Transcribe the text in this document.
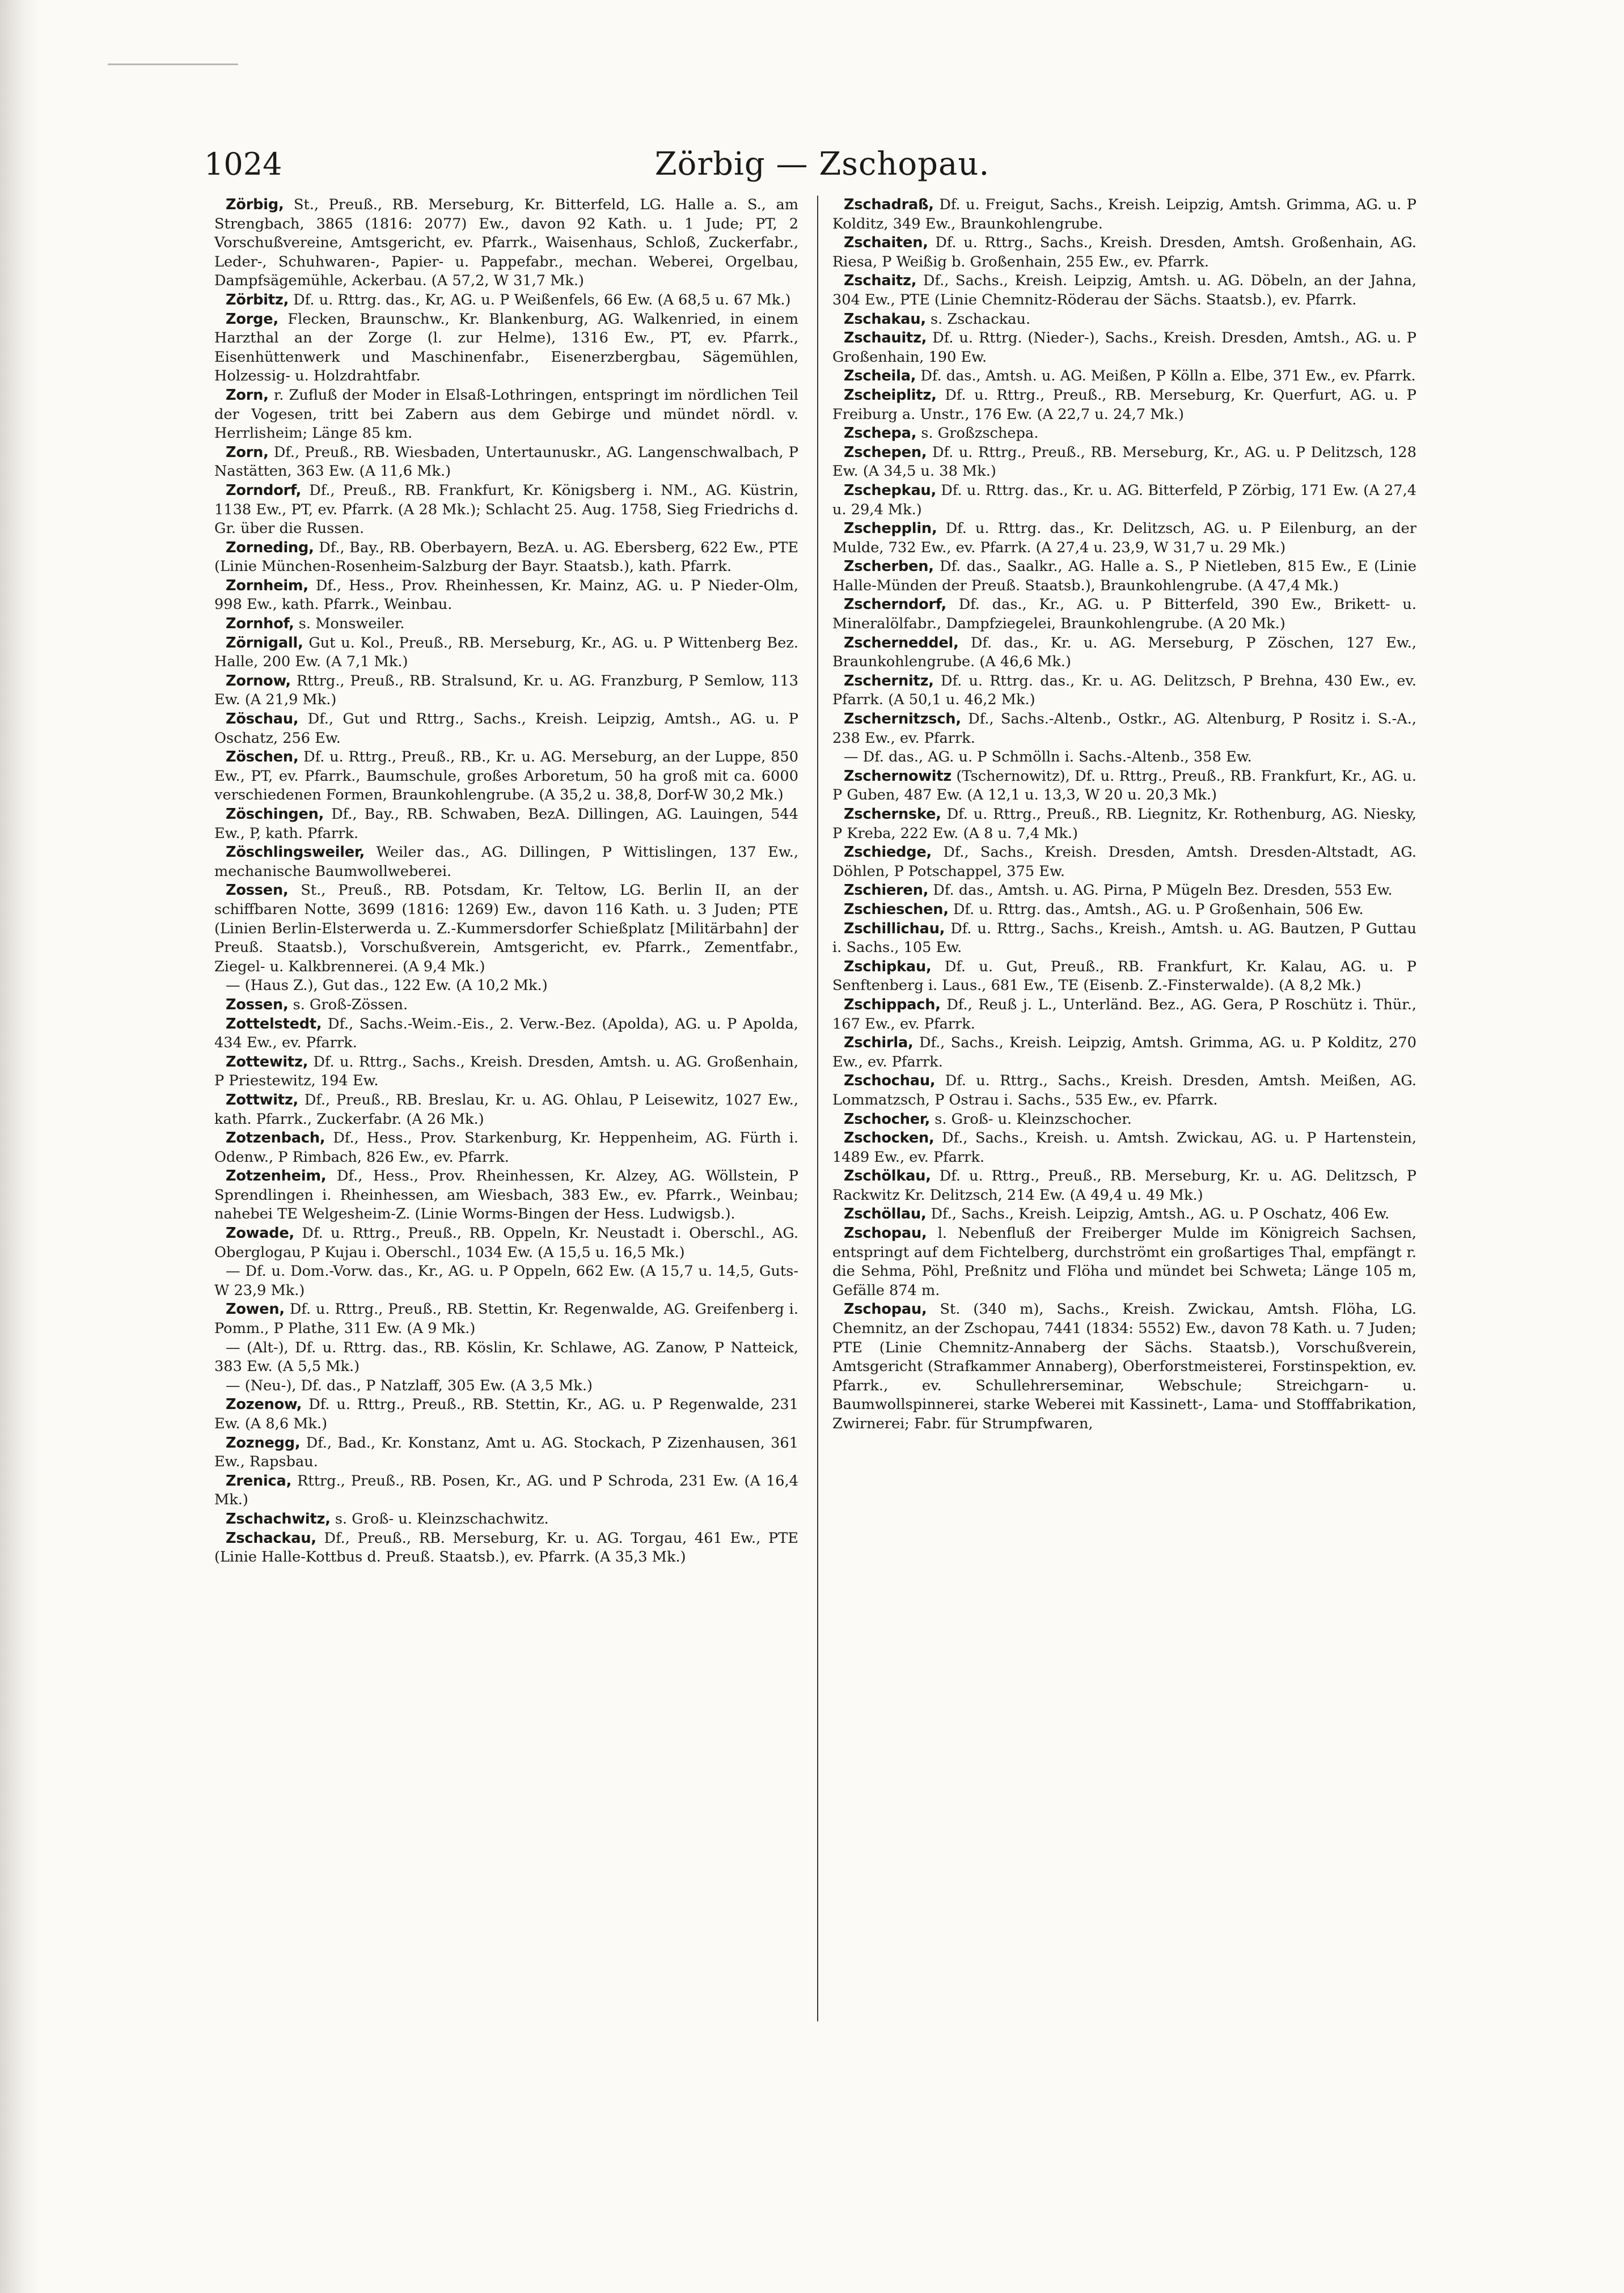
1024	Zörbig — Zschopau.

Zörbig, St., Preuß., RB. Merseburg, Kr. Bitterfeld, LG. Halle a. S., am Strengbach, 3865 (1816: 2077) Ew., davon 92 Kath. u. 1 Jude; PT, 2 Vorschußvereine, Amtsgericht, ev. Pfarrk., Waisenhaus, Schloß, Zuckerfabr., Leder-, Schuhwaren-, Papier- u. Pappefabr., mechan. Weberei, Orgelbau, Dampfsägemühle, Ackerbau. (A 57,2, W 31,7 Mk.)

Zörbitz, Df. u. Rttrg. das., Kr, AG. u. P Weißenfels, 66 Ew. (A 68,5 u. 67 Mk.)

Zorge, Flecken, Braunschw., Kr. Blankenburg, AG. Walkenried, in einem Harzthal an der Zorge (l. zur Helme), 1316 Ew., PT, ev. Pfarrk., Eisenhüttenwerk und Maschinenfabr., Eisenerzbergbau, Sägemühlen, Holzessig- u. Holzdrahtfabr.

Zorn, r. Zufluß der Moder in Elsaß-Lothringen, entspringt im nördlichen Teil der Vogesen, tritt bei Zabern aus dem Gebirge und mündet nördl. v. Herrlisheim; Länge 85 km.

Zorn, Df., Preuß., RB. Wiesbaden, Untertaunuskr., AG. Langenschwalbach, P Nastätten, 363 Ew. (A 11,6 Mk.)

Zorndorf, Df., Preuß., RB. Frankfurt, Kr. Königsberg i. NM., AG. Küstrin, 1138 Ew., PT, ev. Pfarrk. (A 28 Mk.); Schlacht 25. Aug. 1758, Sieg Friedrichs d. Gr. über die Russen.

Zorneding, Df., Bay., RB. Oberbayern, BezA. u. AG. Ebersberg, 622 Ew., PTE (Linie München-Rosenheim-Salzburg der Bayr. Staatsb.), kath. Pfarrk.

Zornheim, Df., Hess., Prov. Rheinhessen, Kr. Mainz, AG. u. P Nieder-Olm, 998 Ew., kath. Pfarrk., Weinbau.

Zornhof, s. Monsweiler.

Zörnigall, Gut u. Kol., Preuß., RB. Merseburg, Kr., AG. u. P Wittenberg Bez. Halle, 200 Ew. (A 7,1 Mk.)

Zornow, Rttrg., Preuß., RB. Stralsund, Kr. u. AG. Franzburg, P Semlow, 113 Ew. (A 21,9 Mk.)

Zöschau, Df., Gut und Rttrg., Sachs., Kreish. Leipzig, Amtsh., AG. u. P Oschatz, 256 Ew.

Zöschen, Df. u. Rttrg., Preuß., RB., Kr. u. AG. Merseburg, an der Luppe, 850 Ew., PT, ev. Pfarrk., Baumschule, großes Arboretum, 50 ha groß mit ca. 6000 verschiedenen Formen, Braunkohlengrube. (A 35,2 u. 38,8, Dorf-W 30,2 Mk.)

Zöschingen, Df., Bay., RB. Schwaben, BezA. Dillingen, AG. Lauingen, 544 Ew., P, kath. Pfarrk.

Zöschlingsweiler, Weiler das., AG. Dillingen, P Wittislingen, 137 Ew., mechanische Baumwollweberei.

Zossen, St., Preuß., RB. Potsdam, Kr. Teltow, LG. Berlin II, an der schiffbaren Notte, 3699 (1816: 1269) Ew., davon 116 Kath. u. 3 Juden; PTE (Linien Berlin-Elsterwerda u. Z.-Kummersdorfer Schießplatz [Militärbahn] der Preuß. Staatsb.), Vorschußverein, Amtsgericht, ev. Pfarrk., Zementfabr., Ziegel- u. Kalkbrennerei. (A 9,4 Mk.)

— (Haus Z.), Gut das., 122 Ew. (A 10,2 Mk.)

Zossen, s. Groß-Zössen.

Zottelstedt, Df., Sachs.-Weim.-Eis., 2. Verw.-Bez. (Apolda), AG. u. P Apolda, 434 Ew., ev. Pfarrk.

Zottewitz, Df. u. Rttrg., Sachs., Kreish. Dresden, Amtsh. u. AG. Großenhain, P Priestewitz, 194 Ew.

Zottwitz, Df., Preuß., RB. Breslau, Kr. u. AG. Ohlau, P Leisewitz, 1027 Ew., kath. Pfarrk., Zuckerfabr. (A 26 Mk.)

Zotzenbach, Df., Hess., Prov. Starkenburg, Kr. Heppenheim, AG. Fürth i. Odenw., P Rimbach, 826 Ew., ev. Pfarrk.

Zotzenheim, Df., Hess., Prov. Rheinhessen, Kr. Alzey, AG. Wöllstein, P Sprendlingen i. Rheinhessen, am Wiesbach, 383 Ew., ev. Pfarrk., Weinbau; nahebei TE Welgesheim-Z. (Linie Worms-Bingen der Hess. Ludwigsb.).

Zowade, Df. u. Rttrg., Preuß., RB. Oppeln, Kr. Neustadt i. Oberschl., AG. Oberglogau, P Kujau i. Oberschl., 1034 Ew. (A 15,5 u. 16,5 Mk.)

— Df. u. Dom.-Vorw. das., Kr., AG. u. P Oppeln, 662 Ew. (A 15,7 u. 14,5, Guts-W 23,9 Mk.)

Zowen, Df. u. Rttrg., Preuß., RB. Stettin, Kr. Regenwalde, AG. Greifenberg i. Pomm., P Plathe, 311 Ew. (A 9 Mk.)

— (Alt-), Df. u. Rttrg. das., RB. Köslin, Kr. Schlawe, AG. Zanow, P Natteick, 383 Ew. (A 5,5 Mk.)

— (Neu-), Df. das., P Natzlaff, 305 Ew. (A 3,5 Mk.)

Zozenow, Df. u. Rttrg., Preuß., RB. Stettin, Kr., AG. u. P Regenwalde, 231 Ew. (A 8,6 Mk.)

Zoznegg, Df., Bad., Kr. Konstanz, Amt u. AG. Stockach, P Zizenhausen, 361 Ew., Rapsbau.

Zrenica, Rttrg., Preuß., RB. Posen, Kr., AG. und P Schroda, 231 Ew. (A 16,4 Mk.)

Zschachwitz, s. Groß- u. Kleinzschachwitz.

Zschackau, Df., Preuß., RB. Merseburg, Kr. u. AG. Torgau, 461 Ew., PTE (Linie Halle-Kottbus d. Preuß. Staatsb.), ev. Pfarrk. (A 35,3 Mk.)

Zschadraß, Df. u. Freigut, Sachs., Kreish. Leipzig, Amtsh. Grimma, AG. u. P Kolditz, 349 Ew., Braunkohlengrube.

Zschaiten, Df. u. Rttrg., Sachs., Kreish. Dresden, Amtsh. Großenhain, AG. Riesa, P Weißig b. Großenhain, 255 Ew., ev. Pfarrk.

Zschaitz, Df., Sachs., Kreish. Leipzig, Amtsh. u. AG. Döbeln, an der Jahna, 304 Ew., PTE (Linie Chemnitz-Röderau der Sächs. Staatsb.), ev. Pfarrk.

Zschakau, s. Zschackau.

Zschauitz, Df. u. Rttrg. (Nieder-), Sachs., Kreish. Dresden, Amtsh., AG. u. P Großenhain, 190 Ew.

Zscheila, Df. das., Amtsh. u. AG. Meißen, P Kölln a. Elbe, 371 Ew., ev. Pfarrk.

Zscheiplitz, Df. u. Rttrg., Preuß., RB. Merseburg, Kr. Querfurt, AG. u. P Freiburg a. Unstr., 176 Ew. (A 22,7 u. 24,7 Mk.)

Zschepa, s. Großzschepa.

Zschepen, Df. u. Rttrg., Preuß., RB. Merseburg, Kr., AG. u. P Delitzsch, 128 Ew. (A 34,5 u. 38 Mk.)

Zschepkau, Df. u. Rttrg. das., Kr. u. AG. Bitterfeld, P Zörbig, 171 Ew. (A 27,4 u. 29,4 Mk.)

Zschepplin, Df. u. Rttrg. das., Kr. Delitzsch, AG. u. P Eilenburg, an der Mulde, 732 Ew., ev. Pfarrk. (A 27,4 u. 23,9, W 31,7 u. 29 Mk.)

Zscherben, Df. das., Saalkr., AG. Halle a. S., P Nietleben, 815 Ew., E (Linie Halle-Münden der Preuß. Staatsb.), Braunkohlengrube. (A 47,4 Mk.)

Zscherndorf, Df. das., Kr., AG. u. P Bitterfeld, 390 Ew., Brikett- u. Mineralölfabr., Dampfziegelei, Braunkohlengrube. (A 20 Mk.)

Zscherneddel, Df. das., Kr. u. AG. Merseburg, P Zöschen, 127 Ew., Braunkohlengrube. (A 46,6 Mk.)

Zschernitz, Df. u. Rttrg. das., Kr. u. AG. Delitzsch, P Brehna, 430 Ew., ev. Pfarrk. (A 50,1 u. 46,2 Mk.)

Zschernitzsch, Df., Sachs.-Altenb., Ostkr., AG. Altenburg, P Rositz i. S.-A., 238 Ew., ev. Pfarrk.

— Df. das., AG. u. P Schmölln i. Sachs.-Altenb., 358 Ew.

Zschernowitz (Tschernowitz), Df. u. Rttrg., Preuß., RB. Frankfurt, Kr., AG. u. P Guben, 487 Ew. (A 12,1 u. 13,3, W 20 u. 20,3 Mk.)

Zschernske, Df. u. Rttrg., Preuß., RB. Liegnitz, Kr. Rothenburg, AG. Niesky, P Kreba, 222 Ew. (A 8 u. 7,4 Mk.)

Zschiedge, Df., Sachs., Kreish. Dresden, Amtsh. Dresden-Altstadt, AG. Döhlen, P Potschappel, 375 Ew.

Zschieren, Df. das., Amtsh. u. AG. Pirna, P Mügeln Bez. Dresden, 553 Ew.

Zschieschen, Df. u. Rttrg. das., Amtsh., AG. u. P Großenhain, 506 Ew.

Zschillichau, Df. u. Rttrg., Sachs., Kreish., Amtsh. u. AG. Bautzen, P Guttau i. Sachs., 105 Ew.

Zschipkau, Df. u. Gut, Preuß., RB. Frankfurt, Kr. Kalau, AG. u. P Senftenberg i. Laus., 681 Ew., TE (Eisenb. Z.-Finsterwalde). (A 8,2 Mk.)

Zschippach, Df., Reuß j. L., Unterländ. Bez., AG. Gera, P Roschütz i. Thür., 167 Ew., ev. Pfarrk.

Zschirla, Df., Sachs., Kreish. Leipzig, Amtsh. Grimma, AG. u. P Kolditz, 270 Ew., ev. Pfarrk.

Zschochau, Df. u. Rttrg., Sachs., Kreish. Dresden, Amtsh. Meißen, AG. Lommatzsch, P Ostrau i. Sachs., 535 Ew., ev. Pfarrk.

Zschocher, s. Groß- u. Kleinzschocher.

Zschocken, Df., Sachs., Kreish. u. Amtsh. Zwickau, AG. u. P Hartenstein, 1489 Ew., ev. Pfarrk.

Zschölkau, Df. u. Rttrg., Preuß., RB. Merseburg, Kr. u. AG. Delitzsch, P Rackwitz Kr. Delitzsch, 214 Ew. (A 49,4 u. 49 Mk.)

Zschöllau, Df., Sachs., Kreish. Leipzig, Amtsh., AG. u. P Oschatz, 406 Ew.

Zschopau, l. Nebenfluß der Freiberger Mulde im Königreich Sachsen, entspringt auf dem Fichtelberg, durchströmt ein großartiges Thal, empfängt r. die Sehma, Pöhl, Preßnitz und Flöha und mündet bei Schweta; Länge 105 m, Gefälle 874 m.

Zschopau, St. (340 m), Sachs., Kreish. Zwickau, Amtsh. Flöha, LG. Chemnitz, an der Zschopau, 7441 (1834: 5552) Ew., davon 78 Kath. u. 7 Juden; PTE (Linie Chemnitz-Annaberg der Sächs. Staatsb.), Vorschußverein, Amtsgericht (Strafkammer Annaberg), Oberforstmeisterei, Forstinspektion, ev. Pfarrk., ev. Schullehrerseminar, Webschule; Streichgarn- u. Baumwollspinnerei, starke Weberei mit Kassinett-, Lama- und Stofffabrikation, Zwirnerei; Fabr. für Strumpfwaren,
